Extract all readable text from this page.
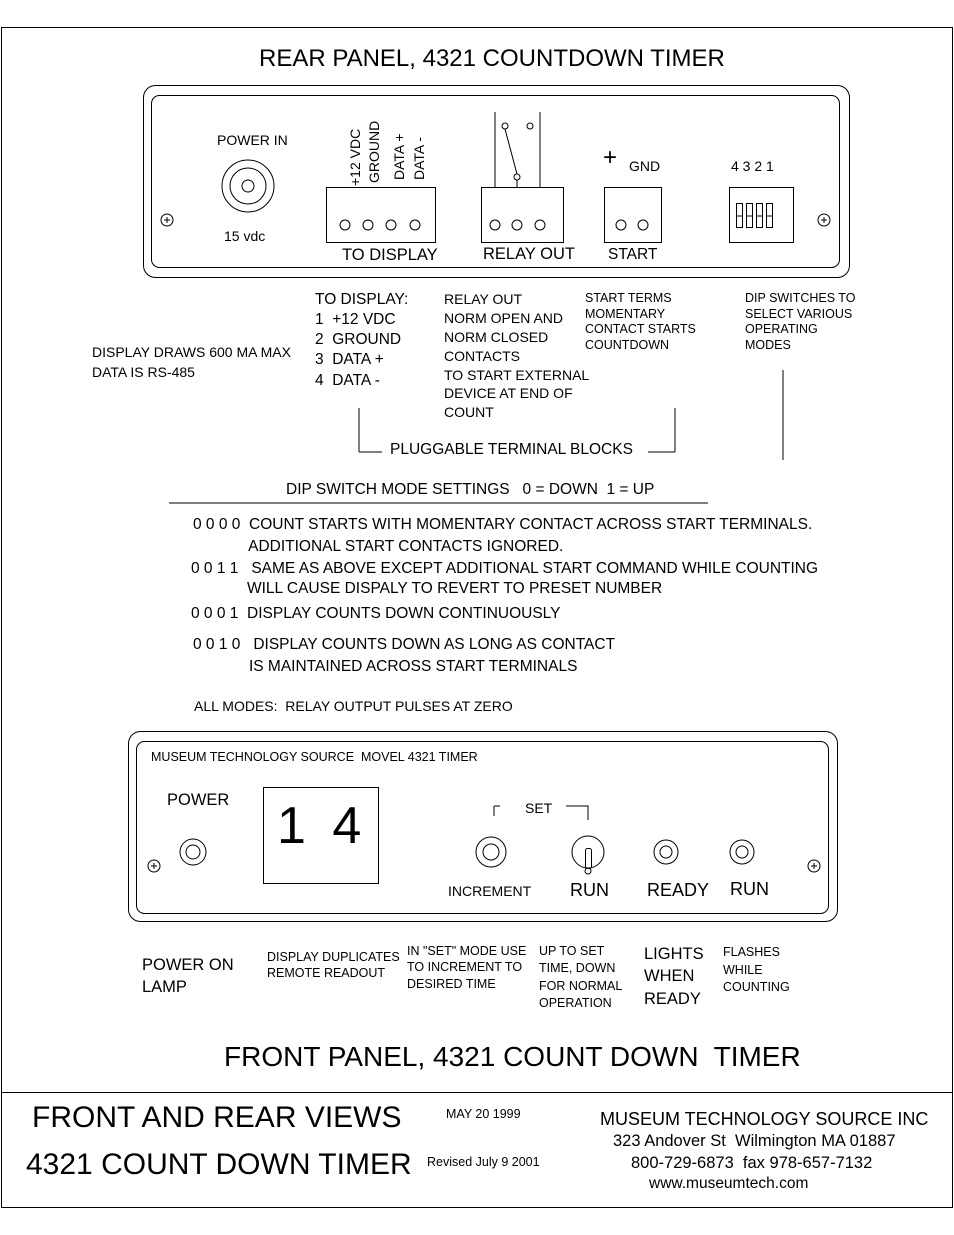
REAR PANEL, 4321 COUNTDOWN TIMER
POWER IN
15 vdc
+12 VDC GROUND DATA + DATA -
TO DISPLAY	RELAY OUT
+ GND
START
4 3 2 1
DISPLAY DRAWS 600 MA MAX
DATA IS RS-485
TO DISPLAY:
1  +12 VDC
2  GROUND
3  DATA +
4  DATA -
RELAY OUT
NORM OPEN AND
NORM CLOSED
CONTACTS
TO START EXTERNAL
DEVICE AT END OF
COUNT
START TERMS
MOMENTARY
CONTACT STARTS
COUNTDOWN
DIP SWITCHES TO
SELECT VARIOUS
OPERATING
MODES
PLUGGABLE TERMINAL BLOCKS
DIP SWITCH MODE SETTINGS   0 = DOWN  1 = UP
0 0 0 0  COUNT STARTS WITH MOMENTARY CONTACT ACROSS START TERMINALS.
ADDITIONAL START CONTACTS IGNORED.
0 0 1 1   SAME AS ABOVE EXCEPT ADDITIONAL START COMMAND WHILE COUNTING
WILL CAUSE DISPALY TO REVERT TO PRESET NUMBER
0 0 0 1  DISPLAY COUNTS DOWN CONTINUOUSLY
0 0 1 0   DISPLAY COUNTS DOWN AS LONG AS CONTACT
IS MAINTAINED ACROSS START TERMINALS
ALL MODES:  RELAY OUTPUT PULSES AT ZERO
MUSEUM TECHNOLOGY SOURCE  MOVEL 4321 TIMER
POWER 1 4	SET
INCREMENT RUN READY RUN
POWER ON
LAMP
DISPLAY DUPLICATES
REMOTE READOUT
IN "SET" MODE USE
TO INCREMENT TO
DESIRED TIME
UP TO SET
TIME, DOWN
FOR NORMAL
OPERATION
LIGHTS
WHEN
READY
FLASHES
WHILE
COUNTING
FRONT PANEL, 4321 COUNT DOWN  TIMER
FRONT AND REAR VIEWS
4321 COUNT DOWN TIMER
MAY 20 1999
Revised July 9 2001
MUSEUM TECHNOLOGY SOURCE INC
323 Andover St  Wilmington MA 01887
800-729-6873  fax 978-657-7132
www.museumtech.com
